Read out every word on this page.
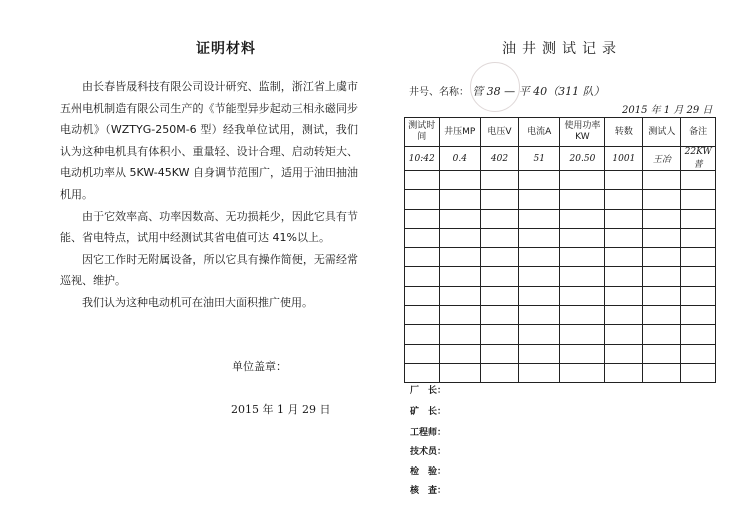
证明材料

由长春皆晟科技有限公司设计研究、监制，浙江省上虞市五州电机制造有限公司生产的《节能型异步起动三相永磁同步电动机》（WZTYG-250M-6 型）经我单位试用，测试，我们认为这种电机具有体积小、重量轻、设计合理、启动转矩大、电动机功率从 5KW-45KW 自身调节范围广，适用于油田抽油机用。

由于它效率高、功率因数高、无功损耗少，因此它具有节能、省电特点，试用中经测试其省电值可达 41%以上。

因它工作时无附属设备，所以它具有操作简便，无需经常巡视、维护。

我们认为这种电动机可在油田大面积推广使用。

单位盖章：
2015 年 1 月 29 日
油井测试记录
井号、名称： 管 38 — 平 40（311 队）
2015 年 1 月 29 日
测试时间	井压MP	电压V	电流A	使用功率KW	转数	测试人	备注
10:42	0.4	402	51	20.50	1001	王冶	22KW 普

厂　长：
矿　长：
工程师：
技术员：
检　验：
核　查：
